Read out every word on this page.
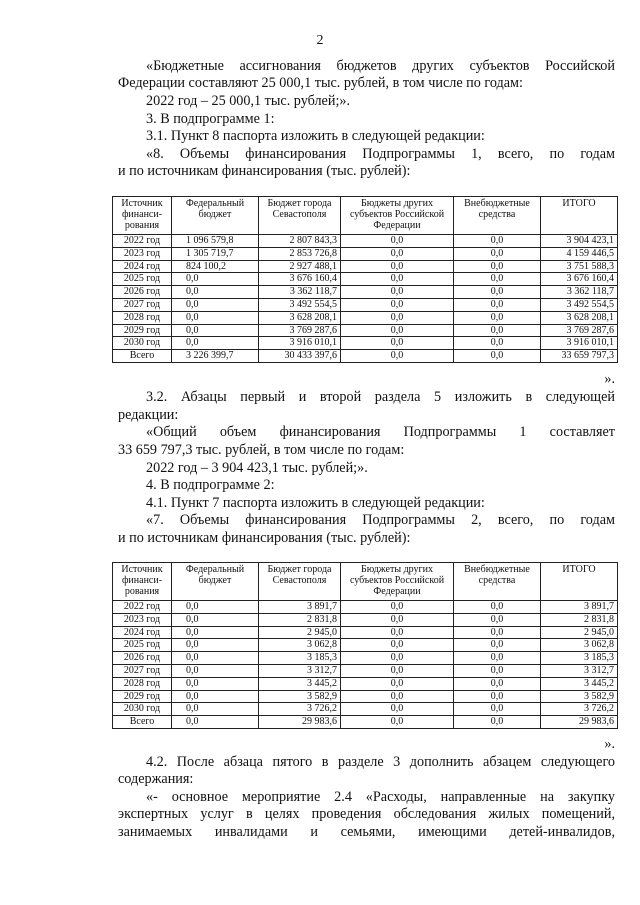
2

«Бюджетные ассигнования бюджетов других субъектов Российской

Федерации составляют 25 000,1 тыс. рублей, в том числе по годам:

2022 год – 25 000,1 тыс. рублей;».

3. В подпрограмме 1:

3.1. Пункт 8 паспорта изложить в следующей редакции:

«8. Объемы финансирования Подпрограммы 1, всего, по годам

и по источникам финансирования (тыс. рублей):

Источник финанси-рования	Федеральный бюджет	Бюджет города Севастополя	Бюджеты других субъектов Российской Федерации	Внебюджетные средства	ИТОГО
2022 год	1 096 579,8	2 807 843,3	0,0	0,0	3 904 423,1
2023 год	1 305 719,7	2 853 726,8	0,0	0,0	4 159 446,5
2024 год	824 100,2	2 927 488,1	0,0	0,0	3 751 588,3
2025 год	0,0	3 676 160,4	0,0	0,0	3 676 160,4
2026 год	0,0	3 362 118,7	0,0	0,0	3 362 118,7
2027 год	0,0	3 492 554,5	0,0	0,0	3 492 554,5
2028 год	0,0	3 628 208,1	0,0	0,0	3 628 208,1
2029 год	0,0	3 769 287,6	0,0	0,0	3 769 287,6
2030 год	0,0	3 916 010,1	0,0	0,0	3 916 010,1
Всего	3 226 399,7	30 433 397,6	0,0	0,0	33 659 797,3

».

3.2. Абзацы первый и второй раздела 5 изложить в следующей

редакции:

«Общий объем финансирования Подпрограммы 1 составляет

33 659 797,3 тыс. рублей, в том числе по годам:

2022 год – 3 904 423,1 тыс. рублей;».

4. В подпрограмме 2:

4.1. Пункт 7 паспорта изложить в следующей редакции:

«7. Объемы финансирования Подпрограммы 2, всего, по годам

и по источникам финансирования (тыс. рублей):

Источник финанси-рования	Федеральный бюджет	Бюджет города Севастополя	Бюджеты других субъектов Российской Федерации	Внебюджетные средства	ИТОГО
2022 год	0,0	3 891,7	0,0	0,0	3 891,7
2023 год	0,0	2 831,8	0,0	0,0	2 831,8
2024 год	0,0	2 945,0	0,0	0,0	2 945,0
2025 год	0,0	3 062,8	0,0	0,0	3 062,8
2026 год	0,0	3 185,3	0,0	0,0	3 185,3
2027 год	0,0	3 312,7	0,0	0,0	3 312,7
2028 год	0,0	3 445,2	0,0	0,0	3 445,2
2029 год	0,0	3 582,9	0,0	0,0	3 582,9
2030 год	0,0	3 726,2	0,0	0,0	3 726,2
Всего	0,0	29 983,6	0,0	0,0	29 983,6

».

4.2. После абзаца пятого в разделе 3 дополнить абзацем следующего

содержания:

«- основное мероприятие 2.4 «Расходы, направленные на закупку

экспертных услуг в целях проведения обследования жилых помещений,

занимаемых инвалидами и семьями, имеющими детей-инвалидов,
